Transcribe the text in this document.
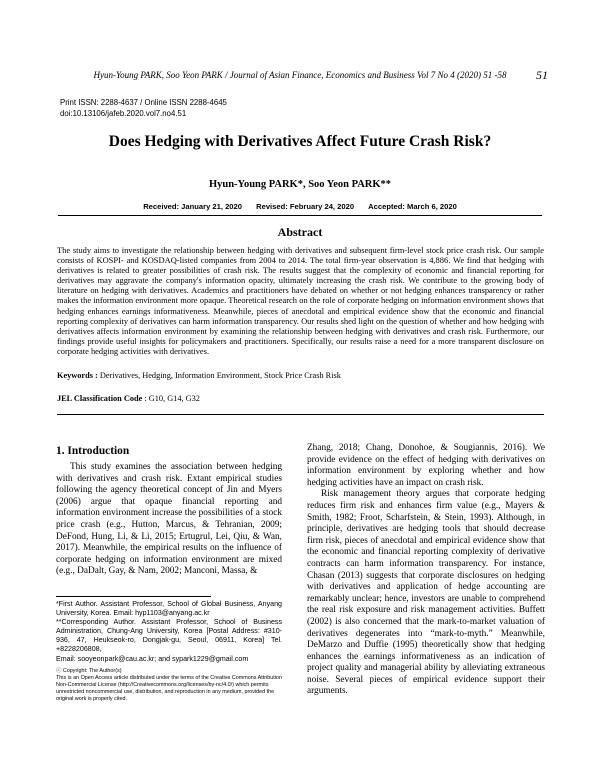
Hyun-Young PARK, Soo Yeon PARK / Journal of Asian Finance, Economics and Business Vol 7 No 4 (2020) 51 -58	51
Print ISSN: 2288-4637 / Online ISSN 2288-4645
doi:10.13106/jafeb.2020.vol7.no4.51
Does Hedging with Derivatives Affect Future Crash Risk?
Hyun-Young PARK*, Soo Yeon PARK**
Received: January 21, 2020 Revised: February 24, 2020 Accepted: March 6, 2020
Abstract

The study aims to investigate the relationship between hedging with derivatives and subsequent firm-level stock price crash risk. Our sample consists of KOSPI- and KOSDAQ-listed companies from 2004 to 2014. The total firm-year observation is 4,886. We find that hedging with derivatives is related to greater possibilities of crash risk. The results suggest that the complexity of economic and financial reporting for derivatives may aggravate the company's information opacity, ultimately increasing the crash risk. We contribute to the growing body of literature on hedging with derivatives. Academics and practitioners have debated on whether or not hedging enhances transparency or rather makes the information environment more opaque. Theoretical research on the role of corporate hedging on information environment shows that hedging enhances earnings informativeness. Meanwhile, pieces of anecdotal and empirical evidence show that the economic and financial reporting complexity of derivatives can harm information transparency. Our results shed light on the question of whether and how hedging with derivatives affects information environment by examining the relationship between hedging with derivatives and crash risk. Furthermore, our findings provide useful insights for policymakers and practitioners. Specifically, our results raise a need for a more transparent disclosure on corporate hedging activities with derivatives.

Keywords : Derivatives, Hedging, Information Environment, Stock Price Crash Risk
JEL Classification Code : G10, G14, G32
1. Introduction

This study examines the association between hedging with derivatives and crash risk. Extant empirical studies following the agency theoretical concept of Jin and Myers (2006) argue that opaque financial reporting and information environment increase the possibilities of a stock price crash (e.g., Hutton, Marcus, & Tehranian, 2009; DeFond, Hung, Li, & Li, 2015; Ertugrul, Lei, Qiu, & Wan, 2017). Meanwhile, the empirical results on the influence of corporate hedging on information environment are mixed (e.g., DaDalt, Gay, & Nam, 2002; Manconi, Massa, &

Zhang, 2018; Chang, Donohoe, & Sougiannis, 2016). We provide evidence on the effect of hedging with derivatives on information environment by exploring whether and how hedging activities have an impact on crash risk.

Risk management theory argues that corporate hedging reduces firm risk and enhances firm value (e.g., Mayers & Smith, 1982; Froot, Scharfstein, & Stein, 1993). Although, in principle, derivatives are hedging tools that should decrease firm risk, pieces of anecdotal and empirical evidence show that the economic and financial reporting complexity of derivative contracts can harm information transparency. For instance, Chasan (2013) suggests that corporate disclosures on hedging with derivatives and application of hedge accounting are remarkably unclear; hence, investors are unable to comprehend the real risk exposure and risk management activities. Buffett (2002) is also concerned that the mark-to-market valuation of derivatives degenerates into “mark-to-myth.” Meanwhile, DeMarzo and Duffie (1995) theoretically show that hedging enhances the earnings informativeness as an indication of project quality and managerial ability by alleviating extraneous noise. Several pieces of empirical evidence support their arguments.

*First Author. Assistant Professor, School of Global Business, Anyang University, Korea. Email: hyp1103@anyang.ac.kr

**Corresponding Author. Assistant Professor, School of Business Administration, Chung-Ang University, Korea [Postal Address: #310-936, 47, Heukseok-ro, Dongjak-gu, Seoul, 06911, Korea] Tel. +8228206808,

Email: sooyeonpark@cau.ac.kr; and sypark1229@gmail.com

ⓒ Copyright: The Author(s)

This is an Open Access article distributed under the terms of the Creative Commons Attribution Non-Commercial License (http://Creativecommons.org/licenses/by-nc/4.0/) which permits unrestricted noncommercial use, distribution, and reproduction in any medium, provided the original work is properly cited.
